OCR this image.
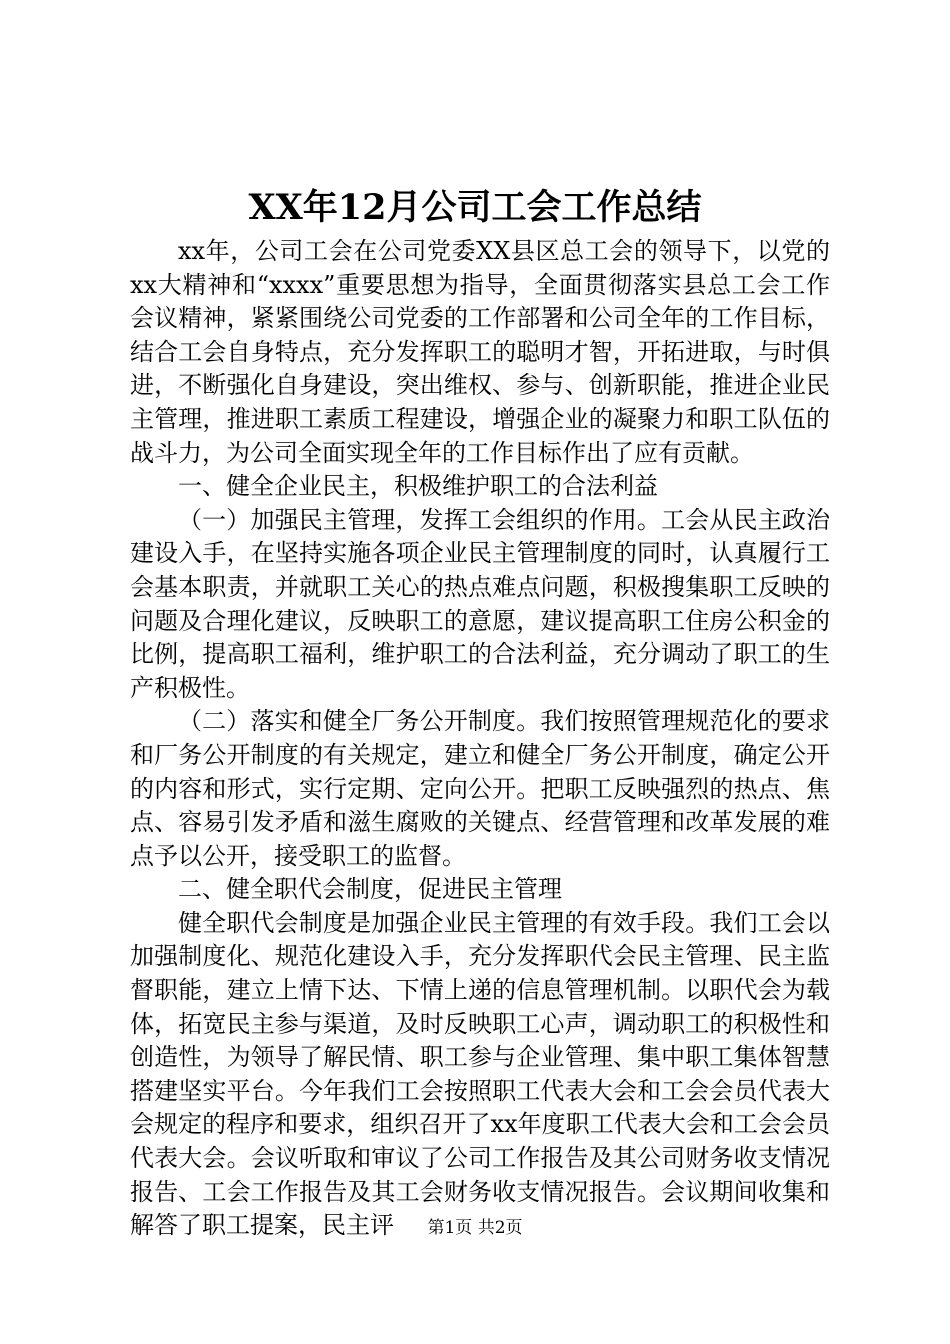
XX年12月公司工会工作总结

xx年，公司工会在公司党委XX县区总工会的领导下，以党的xx大精神和“xxxx”重要思想为指导，全面贯彻落实县总工会工作会议精神，紧紧围绕公司党委的工作部署和公司全年的工作目标，结合工会自身特点，充分发挥职工的聪明才智，开拓进取，与时俱进，不断强化自身建设，突出维权、参与、创新职能，推进企业民主管理，推进职工素质工程建设，增强企业的凝聚力和职工队伍的战斗力，为公司全面实现全年的工作目标作出了应有贡献。

一、健全企业民主，积极维护职工的合法利益

（一）加强民主管理，发挥工会组织的作用。工会从民主政治建设入手，在坚持实施各项企业民主管理制度的同时，认真履行工会基本职责，并就职工关心的热点难点问题，积极搜集职工反映的问题及合理化建议，反映职工的意愿，建议提高职工住房公积金的比例，提高职工福利，维护职工的合法利益，充分调动了职工的生产积极性。

（二）落实和健全厂务公开制度。我们按照管理规范化的要求和厂务公开制度的有关规定，建立和健全厂务公开制度，确定公开的内容和形式，实行定期、定向公开。把职工反映强烈的热点、焦点、容易引发矛盾和滋生腐败的关键点、经营管理和改革发展的难点予以公开，接受职工的监督。

二、健全职代会制度，促进民主管理

健全职代会制度是加强企业民主管理的有效手段。我们工会以加强制度化、规范化建设入手，充分发挥职代会民主管理、民主监督职能，建立上情下达、下情上递的信息管理机制。以职代会为载体，拓宽民主参与渠道，及时反映职工心声，调动职工的积极性和创造性，为领导了解民情、职工参与企业管理、集中职工集体智慧搭建坚实平台。今年我们工会按照职工代表大会和工会会员代表大会规定的程序和要求，组织召开了xx年度职工代表大会和工会会员代表大会。会议听取和审议了公司工作报告及其公司财务收支情况报告、工会工作报告及其工会财务收支情况报告。会议期间收集和解答了职工提案，民主评	第1页 共2页
